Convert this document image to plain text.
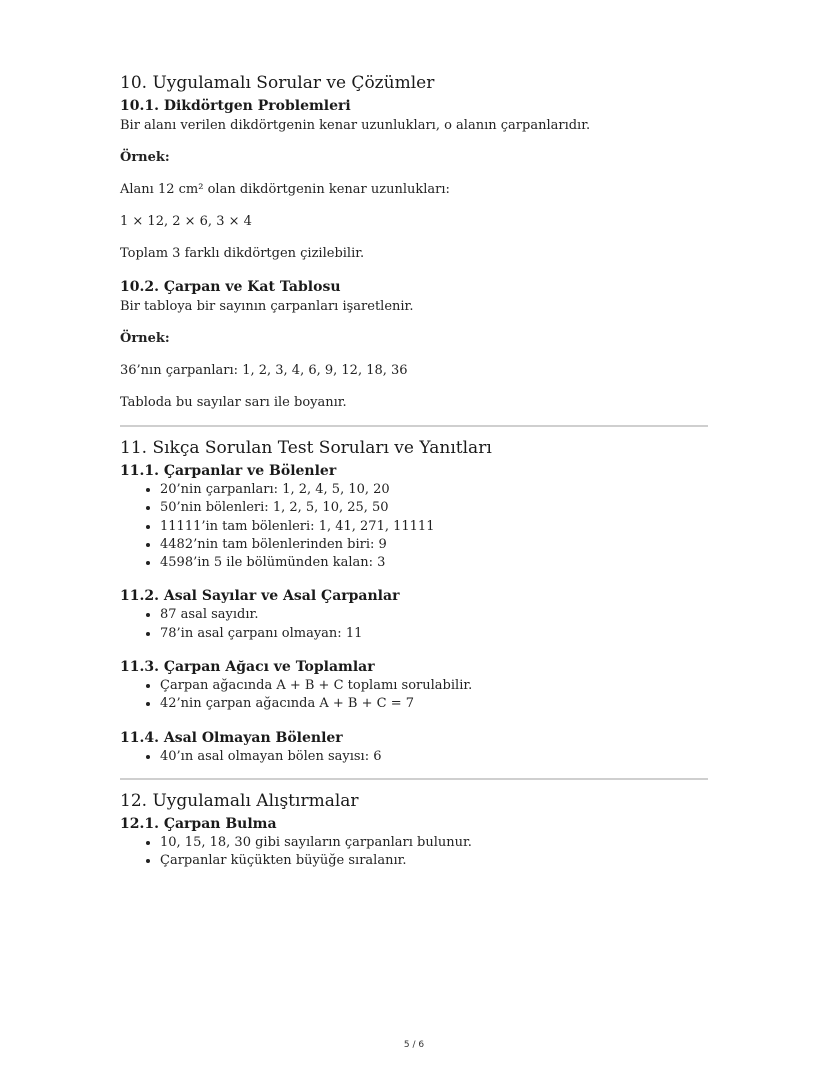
10. Uygulamalı Sorular ve Çözümler
10.1. Dikdörtgen Problemleri

Bir alanı verilen dikdörtgenin kenar uzunlukları, o alanın çarpanlarıdır.

Örnek:

Alanı 12 cm² olan dikdörtgenin kenar uzunlukları:

1 × 12, 2 × 6, 3 × 4

Toplam 3 farklı dikdörtgen çizilebilir.

10.2. Çarpan ve Kat Tablosu

Bir tabloya bir sayının çarpanları işaretlenir.

Örnek:

36’nın çarpanları: 1, 2, 3, 4, 6, 9, 12, 18, 36

Tabloda bu sayılar sarı ile boyanır.

11. Sıkça Sorulan Test Soruları ve Yanıtları
11.1. Çarpanlar ve Bölenler
• 20’nin çarpanları: 1, 2, 4, 5, 10, 20
• 50’nin bölenleri: 1, 2, 5, 10, 25, 50
• 11111’in tam bölenleri: 1, 41, 271, 11111
• 4482’nin tam bölenlerinden biri: 9
• 4598’in 5 ile bölümünden kalan: 3
11.2. Asal Sayılar ve Asal Çarpanlar
• 87 asal sayıdır.
• 78’in asal çarpanı olmayan: 11
11.3. Çarpan Ağacı ve Toplamlar
• Çarpan ağacında A + B + C toplamı sorulabilir.
• 42’nin çarpan ağacında A + B + C = 7
11.4. Asal Olmayan Bölenler
• 40’ın asal olmayan bölen sayısı: 6
12. Uygulamalı Alıştırmalar
12.1. Çarpan Bulma
• 10, 15, 18, 30 gibi sayıların çarpanları bulunur.
• Çarpanlar küçükten büyüğe sıralanır.
5 / 6
